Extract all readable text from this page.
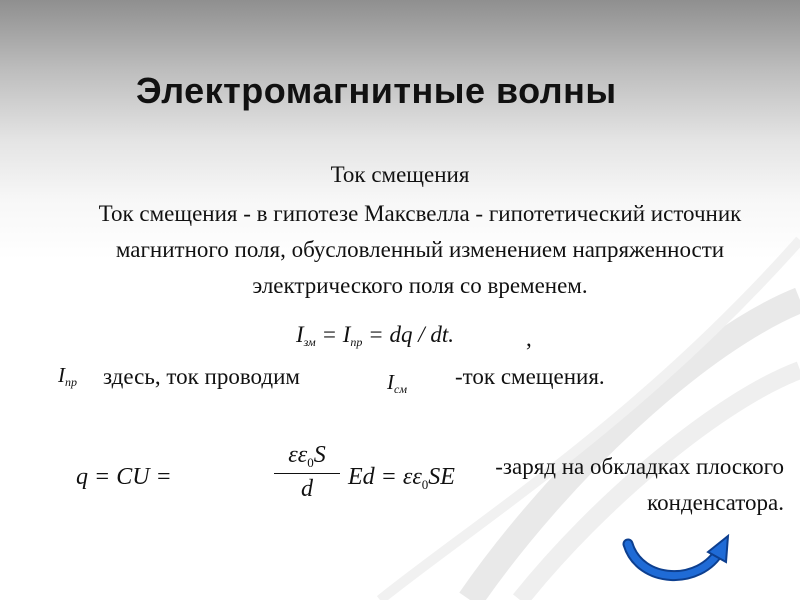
Электромагнитные волны
Ток смещения
Ток смещения - в гипотезе Максвелла - гипотетический источник магнитного поля, обусловленный изменением напряженности электрического поля со временем.
$I_{зм} = I_{пр}$ = dq / dt.	,
$I_{пр}$ здесь, ток проводим	$I_{см}$ -ток смещения.
q = CU =
$\varepsilon\varepsilon_0S$
d	$Ed = \varepsilon\varepsilon_0SE$	-заряд на обкладках плоского конденсатора.
